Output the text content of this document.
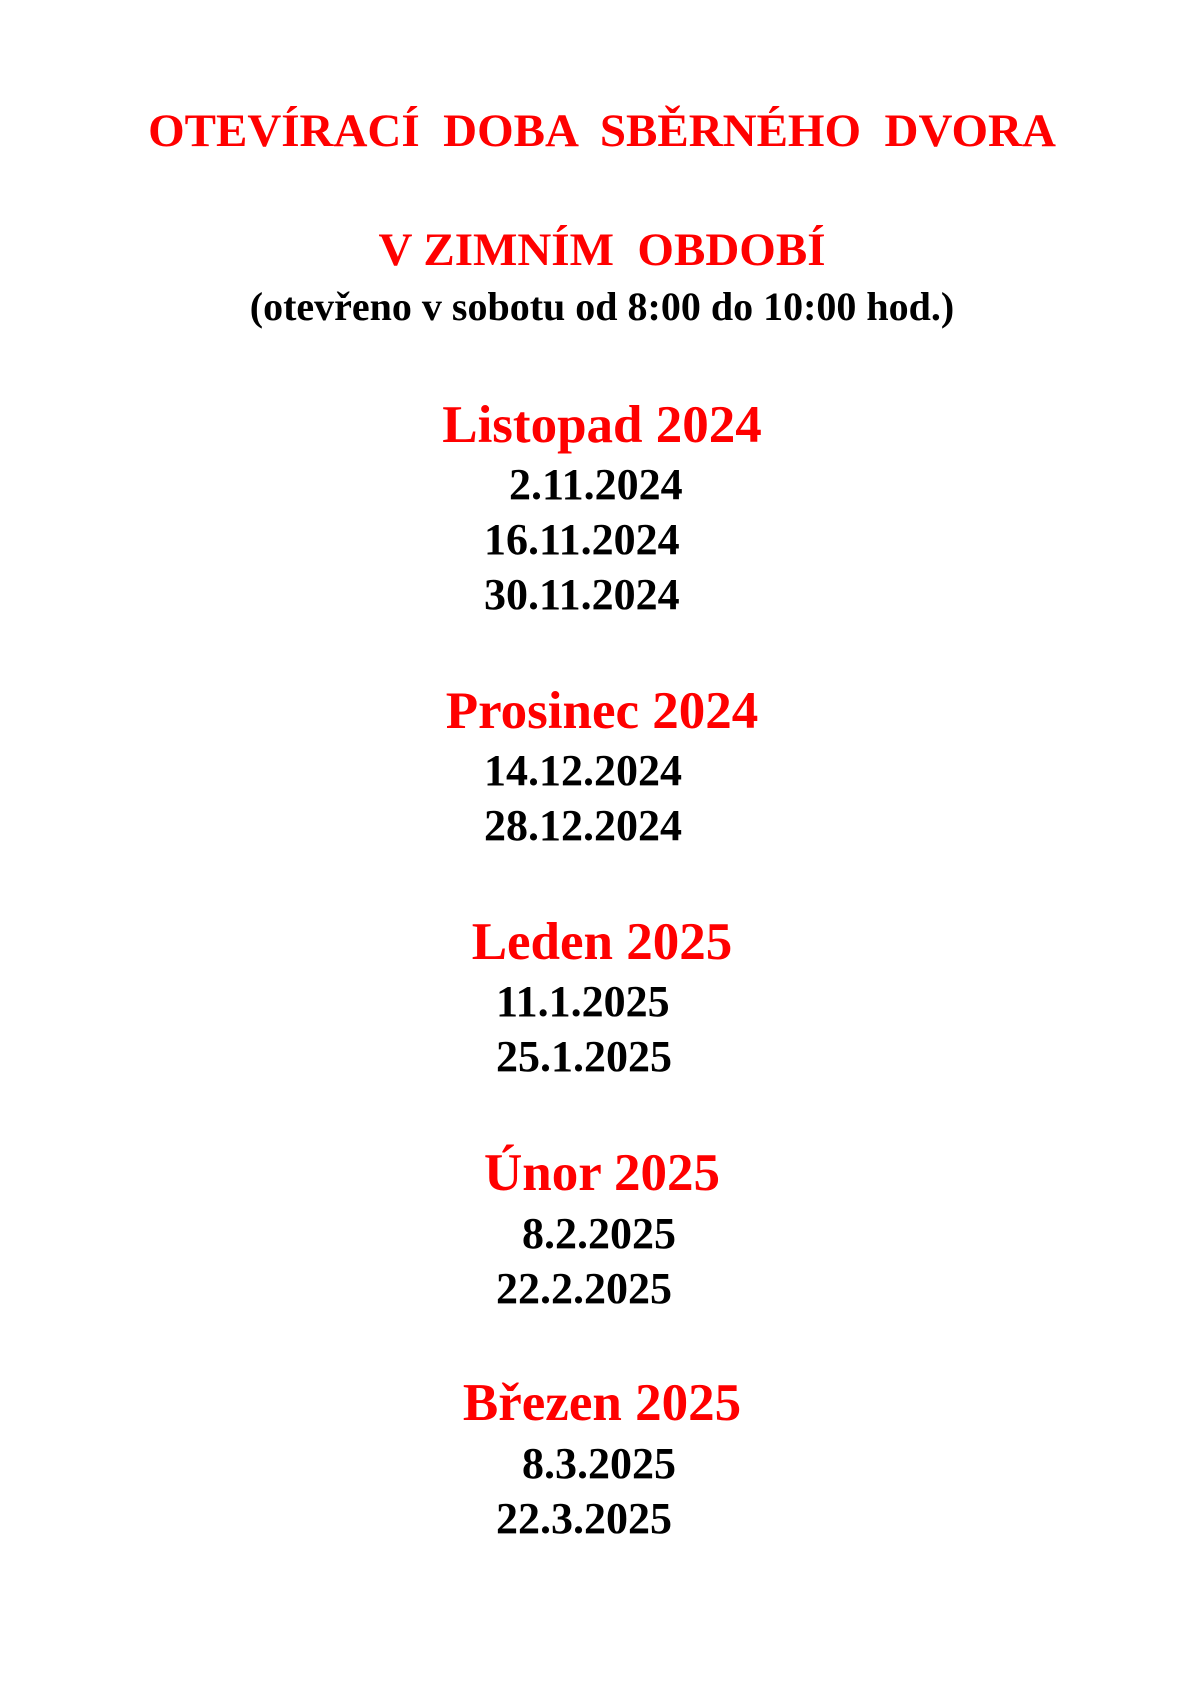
OTEVÍRACÍ  DOBA  SBĚRNÉHO  DVORA
V ZIMNÍM  OBDOBÍ
(otevřeno v sobotu od 8:00 do 10:00 hod.)
Listopad 2024
2.11.2024
16.11.2024
30.11.2024
Prosinec 2024
14.12.2024
28.12.2024
Leden 2025
11.1.2025
25.1.2025
Únor 2025
8.2.2025
22.2.2025
Březen 2025
8.3.2025
22.3.2025
